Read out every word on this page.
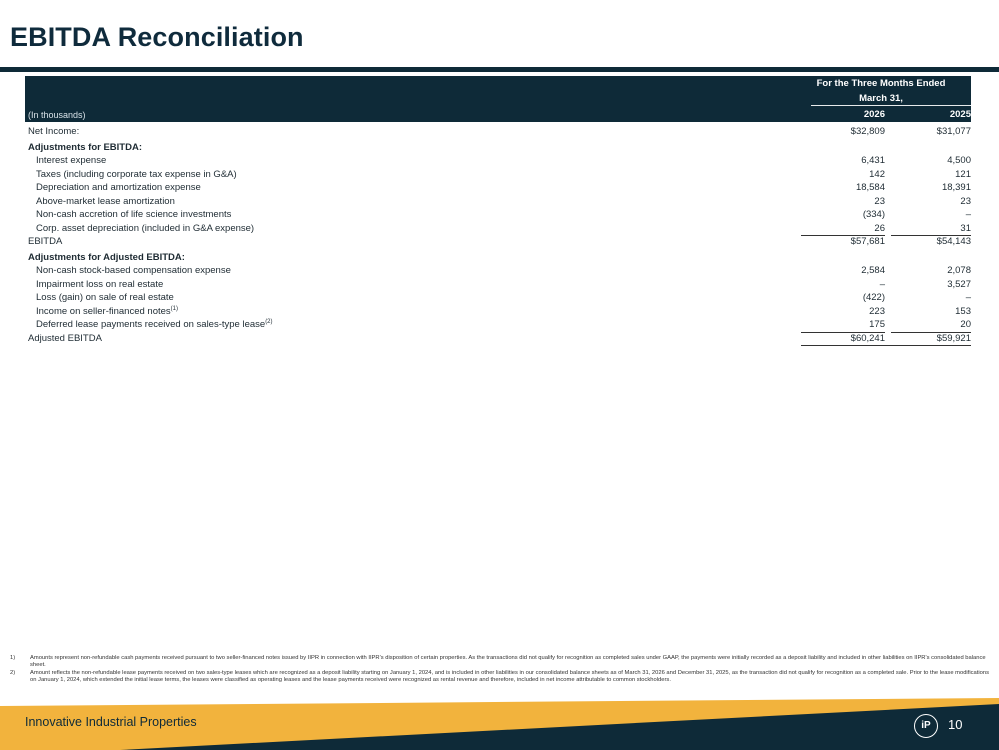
EBITDA Reconciliation
For the Three Months Ended
March 31,
(In thousands)	2026	2025
Net Income:	$32,809	$31,077
Adjustments for EBITDA:
Interest expense	6,431	4,500
Taxes (including corporate tax expense in G&A)	142	121
Depreciation and amortization expense	18,584	18,391
Above-market lease amortization	23	23
Non-cash accretion of life science investments	(334)	–
Corp. asset depreciation (included in G&A expense)	26	31
EBITDA	$57,681	$54,143
Adjustments for Adjusted EBITDA:
Non-cash stock-based compensation expense	2,584	2,078
Impairment loss on real estate	–	3,527
Loss (gain) on sale of real estate	(422)	–
Income on seller-financed notes$^{(1)}$	223	153
Deferred lease payments received on sales-type lease$^{(2)}$	175	20
Adjusted EBITDA	$60,241	$59,921
1)	Amounts represent non-refundable cash payments received pursuant to two seller-financed notes issued by IIPR in connection with IIPR's disposition of certain properties. As the transactions did not qualify for recognition as completed sales under GAAP, the payments were initially recorded as a deposit liability and included in other liabilities on IIPR's consolidated balance sheet.
2)	Amount reflects the non-refundable lease payments received on two sales-type leases which are recognized as a deposit liability starting on January 1, 2024, and is included in other liabilities in our consolidated balance sheets as of March 31, 2026 and December 31, 2025, as the transaction did not qualify for recognition as a completed sale. Prior to the lease modifications on January 1, 2024, which extended the initial lease terms, the leases were classified as operating leases and the lease payments received were recognized as rental revenue and therefore, included in net income attributable to common stockholders.
Innovative Industrial Properties	iP	10
